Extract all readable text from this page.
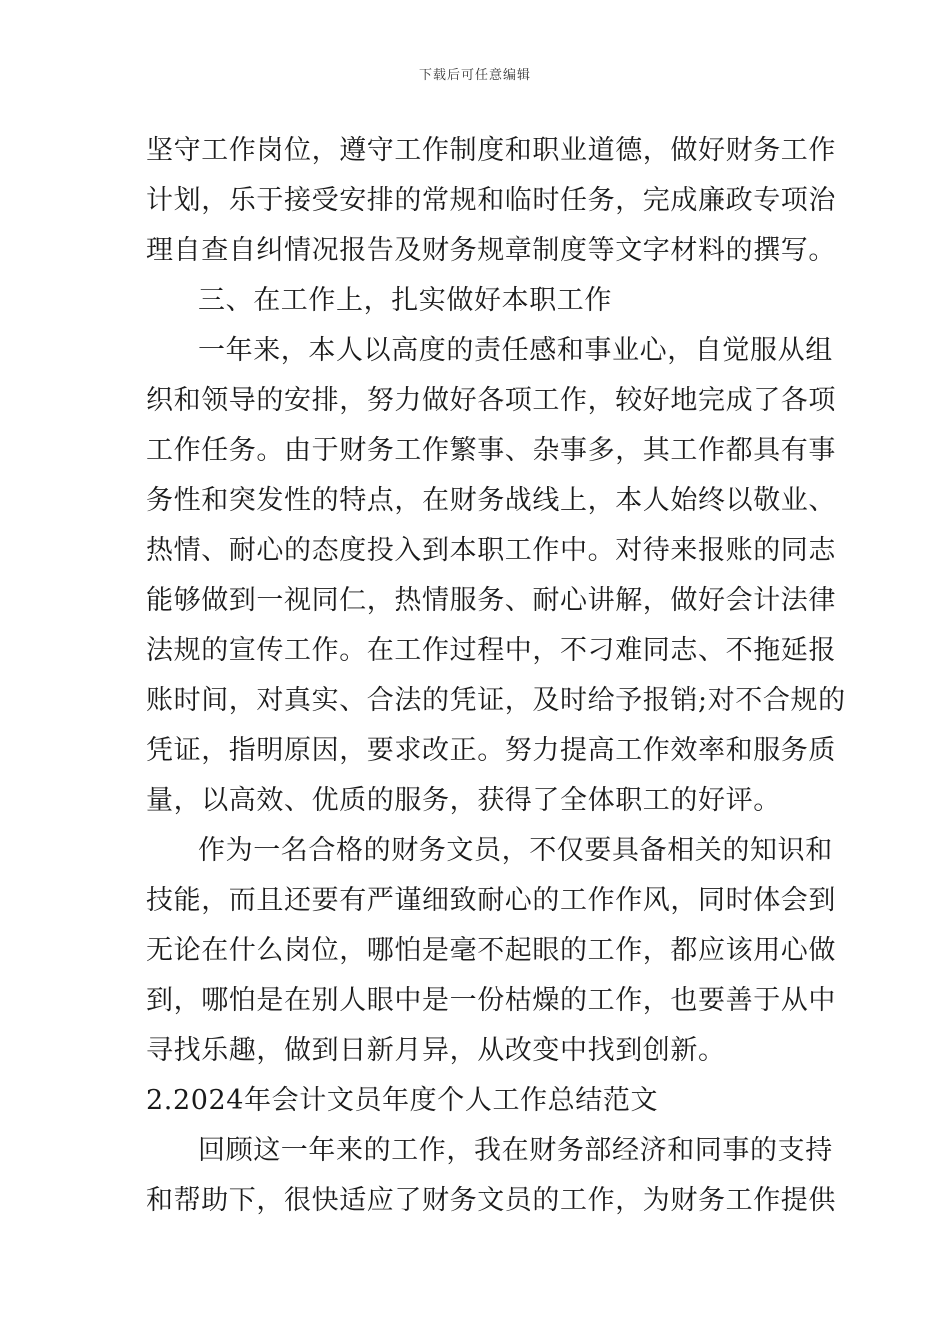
下载后可任意编辑
坚守工作岗位，遵守工作制度和职业道德，做好财务工作
计划，乐于接受安排的常规和临时任务，完成廉政专项治
理自查自纠情况报告及财务规章制度等文字材料的撰写。
三、在工作上，扎实做好本职工作
一年来，本人以高度的责任感和事业心，自觉服从组
织和领导的安排，努力做好各项工作，较好地完成了各项
工作任务。由于财务工作繁事、杂事多，其工作都具有事
务性和突发性的特点，在财务战线上，本人始终以敬业、
热情、耐心的态度投入到本职工作中。对待来报账的同志
能够做到一视同仁，热情服务、耐心讲解，做好会计法律
法规的宣传工作。在工作过程中，不刁难同志、不拖延报
账时间，对真实、合法的凭证，及时给予报销;对不合规的
凭证，指明原因，要求改正。努力提高工作效率和服务质
量，以高效、优质的服务，获得了全体职工的好评。
作为一名合格的财务文员，不仅要具备相关的知识和
技能，而且还要有严谨细致耐心的工作作风，同时体会到
无论在什么岗位，哪怕是毫不起眼的工作，都应该用心做
到，哪怕是在别人眼中是一份枯燥的工作，也要善于从中
寻找乐趣，做到日新月异，从改变中找到创新。
2.2024年会计文员年度个人工作总结范文
回顾这一年来的工作，我在财务部经济和同事的支持
和帮助下，很快适应了财务文员的工作，为财务工作提供
